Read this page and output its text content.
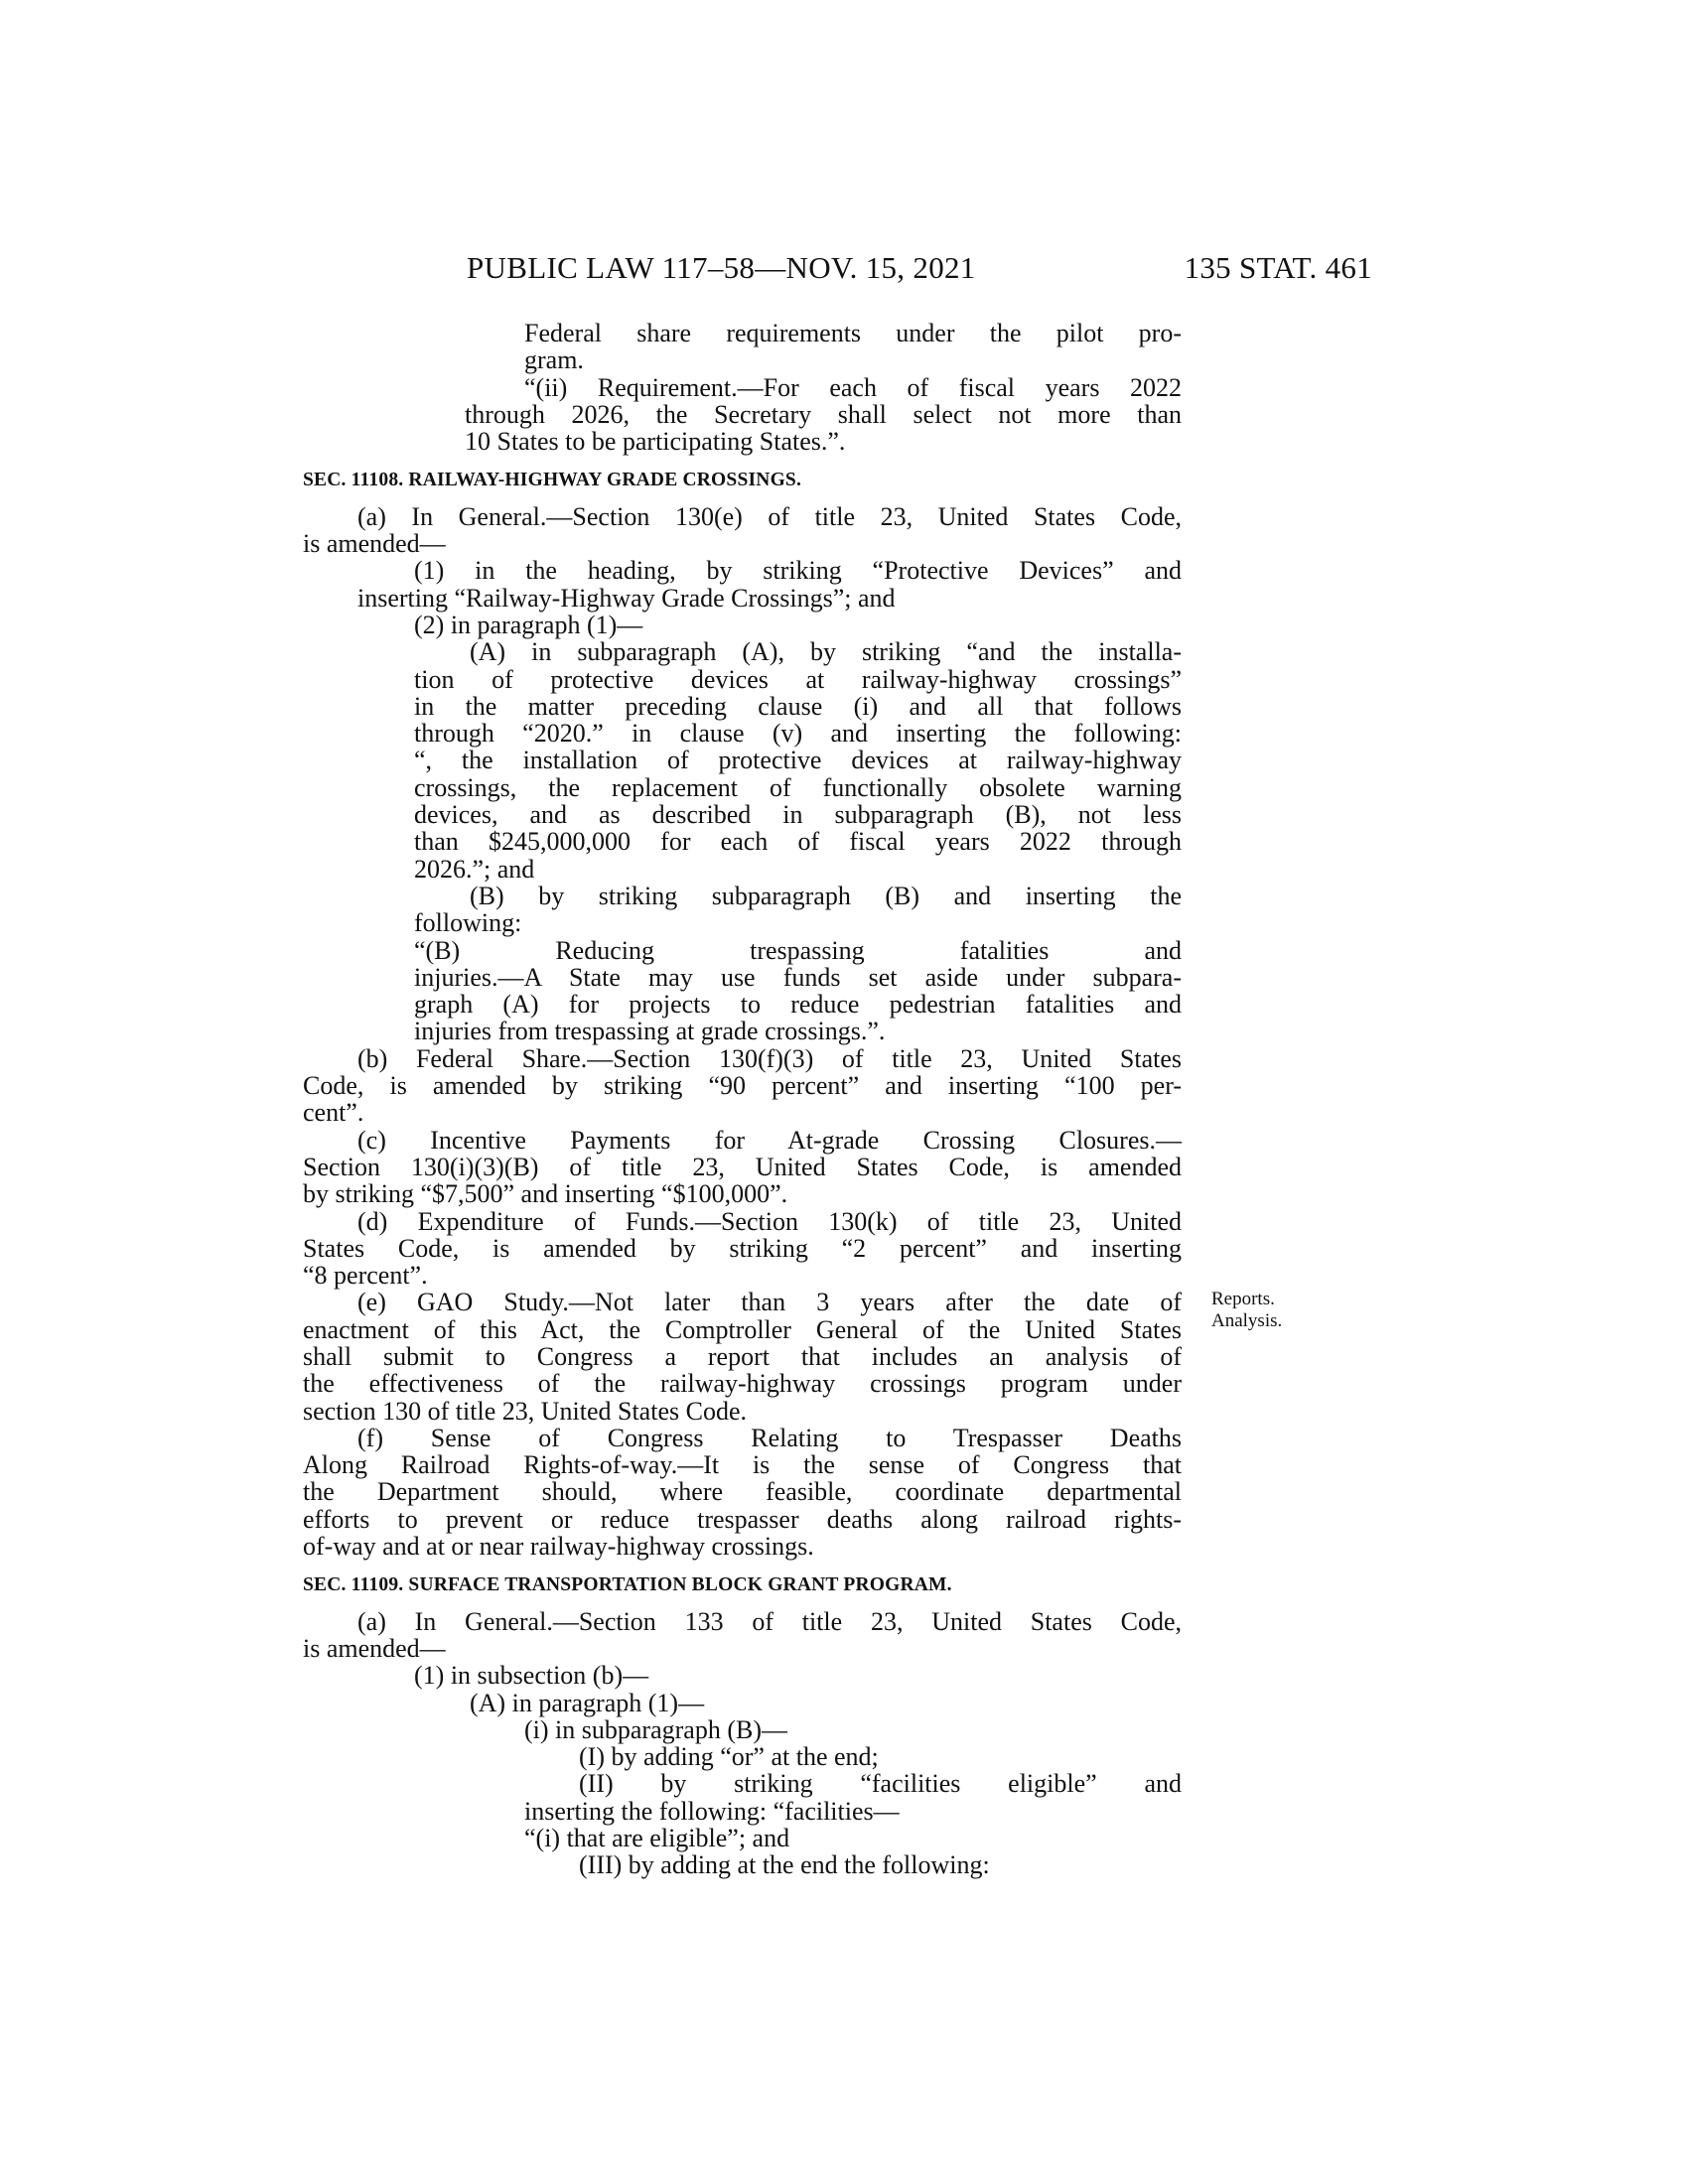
PUBLIC LAW 117–58—NOV. 15, 2021	135 STAT. 461
Reports.
Analysis.
Federal share requirements under the pilot pro-
gram.
“(ii) Requirement.—For each of fiscal years 2022
through 2026, the Secretary shall select not more than
10 States to be participating States.”.
SEC. 11108. RAILWAY-HIGHWAY GRADE CROSSINGS.
(a) In General.—Section 130(e) of title 23, United States Code,
is amended—
(1) in the heading, by striking “Protective Devices” and
inserting “Railway-Highway Grade Crossings”; and
(2) in paragraph (1)—
(A) in subparagraph (A), by striking “and the installa-
tion of protective devices at railway-highway crossings”
in the matter preceding clause (i) and all that follows
through “2020.” in clause (v) and inserting the following:
“, the installation of protective devices at railway-highway
crossings, the replacement of functionally obsolete warning
devices, and as described in subparagraph (B), not less
than $245,000,000 for each of fiscal years 2022 through
2026.”; and
(B) by striking subparagraph (B) and inserting the
following:
“(B) Reducing trespassing fatalities and
injuries.—A State may use funds set aside under subpara-
graph (A) for projects to reduce pedestrian fatalities and
injuries from trespassing at grade crossings.”.
(b) Federal Share.—Section 130(f)(3) of title 23, United States
Code, is amended by striking “90 percent” and inserting “100 per-
cent”.
(c) Incentive Payments for At-grade Crossing Closures.—
Section 130(i)(3)(B) of title 23, United States Code, is amended
by striking “$7,500” and inserting “$100,000”.
(d) Expenditure of Funds.—Section 130(k) of title 23, United
States Code, is amended by striking “2 percent” and inserting
“8 percent”.
(e) GAO Study.—Not later than 3 years after the date of
enactment of this Act, the Comptroller General of the United States
shall submit to Congress a report that includes an analysis of
the effectiveness of the railway-highway crossings program under
section 130 of title 23, United States Code.
(f) Sense of Congress Relating to Trespasser Deaths
Along Railroad Rights-of-way.—It is the sense of Congress that
the Department should, where feasible, coordinate departmental
efforts to prevent or reduce trespasser deaths along railroad rights-
of-way and at or near railway-highway crossings.
SEC. 11109. SURFACE TRANSPORTATION BLOCK GRANT PROGRAM.
(a) In General.—Section 133 of title 23, United States Code,
is amended—
(1) in subsection (b)—
(A) in paragraph (1)—
(i) in subparagraph (B)—
(I) by adding “or” at the end;
(II) by striking “facilities eligible” and
inserting the following: “facilities—
“(i) that are eligible”; and
(III) by adding at the end the following:
